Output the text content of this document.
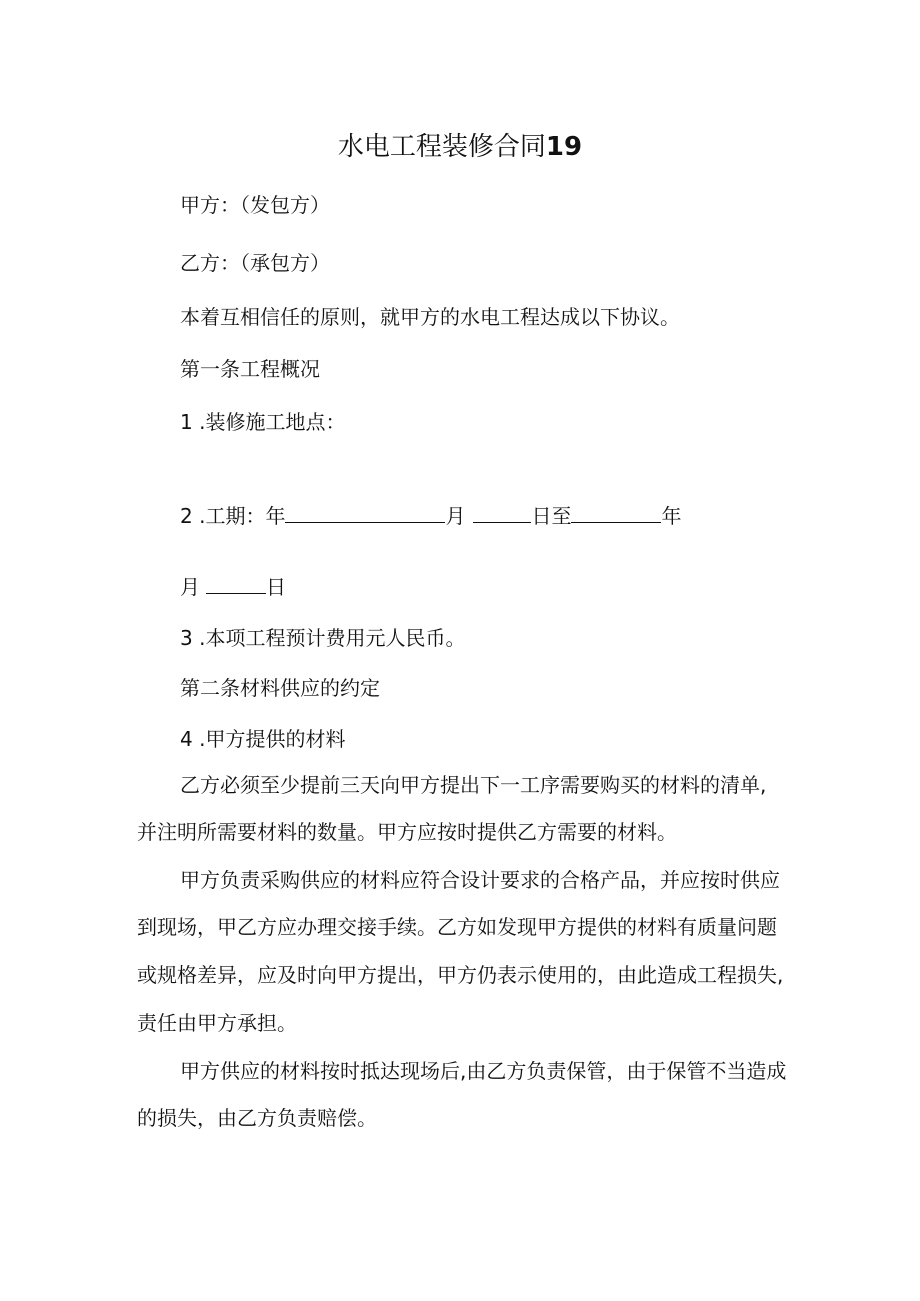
水电工程装修合同19
甲方：（发包方）
乙方：（承包方）
本着互相信任的原则，就甲方的水电工程达成以下协议。
第一条工程概况
1 .装修施工地点：
2 .工期：年	月	日至	年
月	日
3 .本项工程预计费用元人民币。
第二条材料供应的约定
4 .甲方提供的材料
乙方必须至少提前三天向甲方提出下一工序需要购买的材料的清单,
并注明所需要材料的数量。甲方应按时提供乙方需要的材料。
甲方负责采购供应的材料应符合设计要求的合格产品，并应按时供应
到现场，甲乙方应办理交接手续。乙方如发现甲方提供的材料有质量问题
或规格差异，应及时向甲方提出，甲方仍表示使用的，由此造成工程损失,
责任由甲方承担。
甲方供应的材料按时抵达现场后,由乙方负责保管，由于保管不当造成
的损失，由乙方负责赔偿。
